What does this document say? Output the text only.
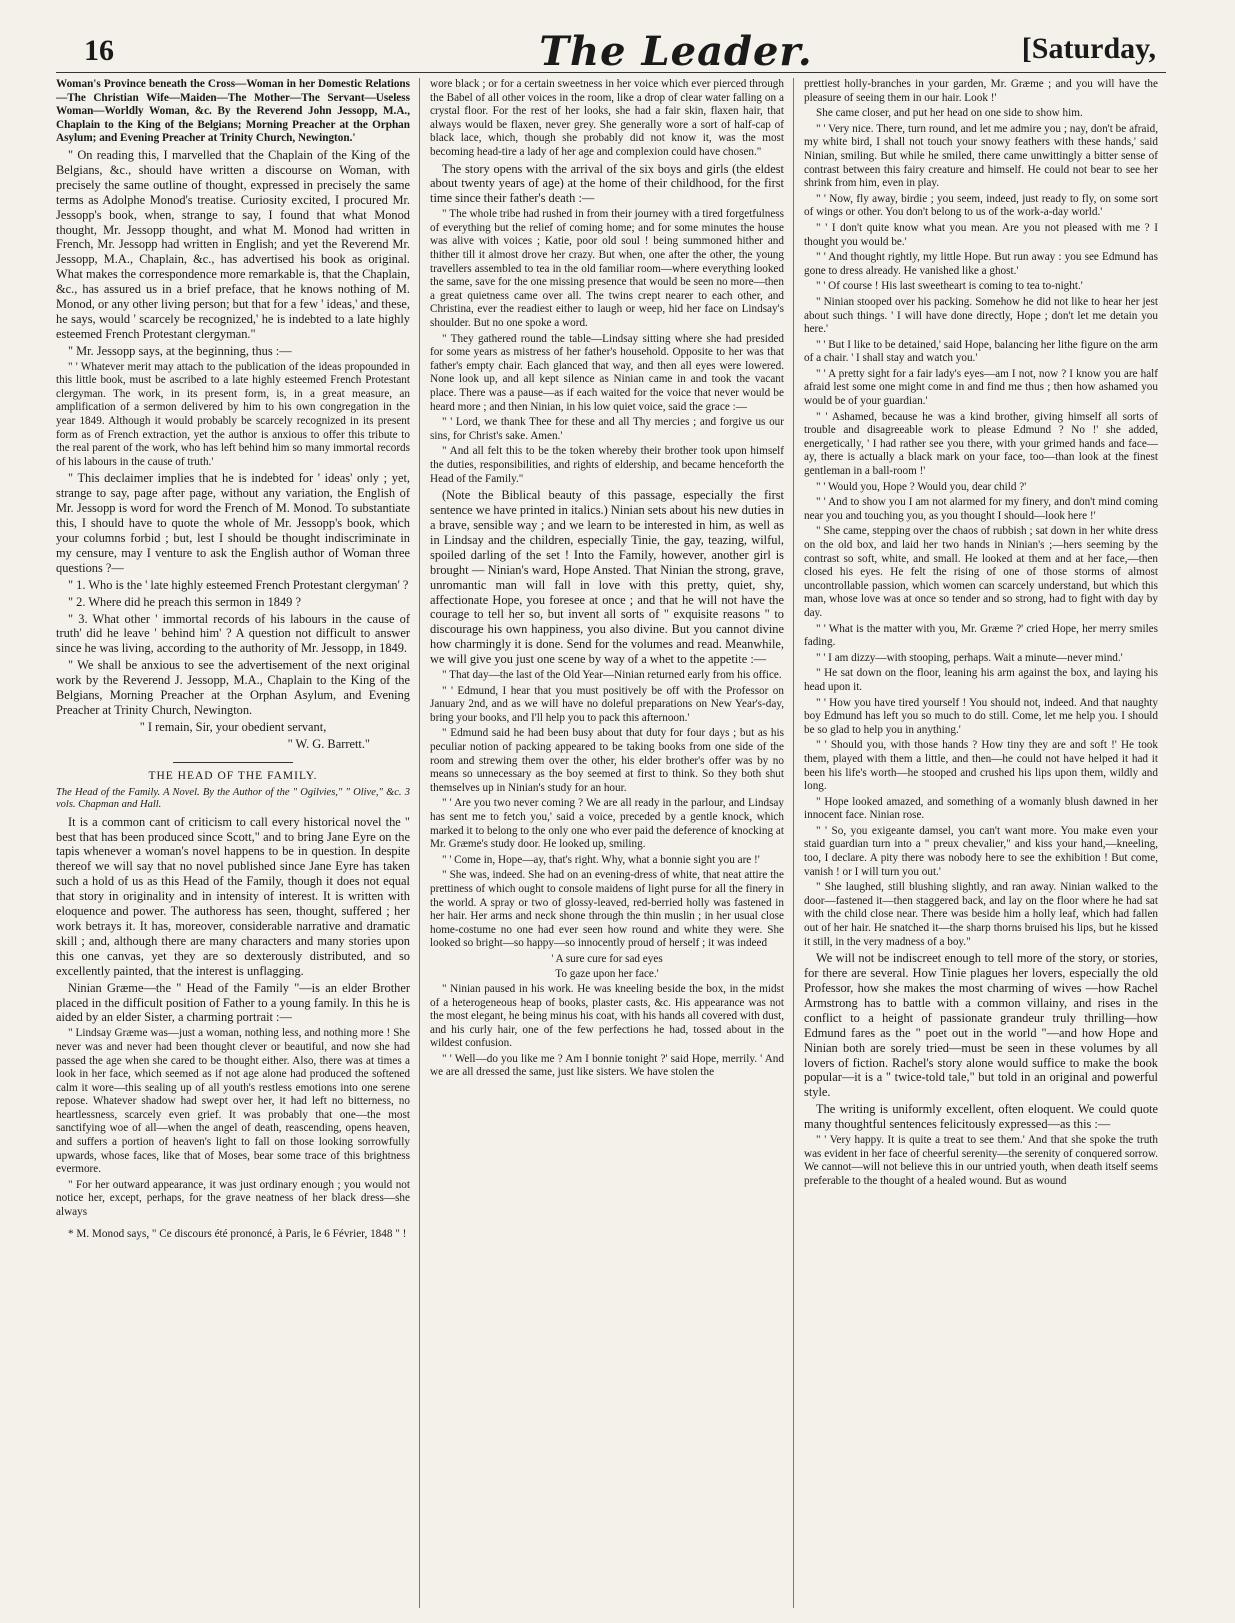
16	The Leader.	[Saturday,

Woman's Province beneath the Cross—Woman in her Domestic Relations—The Christian Wife—Maiden—The Mother—The Servant—Useless Woman—Worldly Woman, &c. By the Reverend John Jessopp, M.A., Chaplain to the King of the Belgians; Morning Preacher at the Orphan Asylum; and Evening Preacher at Trinity Church, Newington.'

" On reading this, I marvelled that the Chaplain of the King of the Belgians, &c., should have written a discourse on Woman, with precisely the same outline of thought, expressed in precisely the same terms as Adolphe Monod's treatise. Curiosity excited, I procured Mr. Jessopp's book, when, strange to say, I found that what Monod thought, Mr. Jessopp thought, and what M. Monod had written in French, Mr. Jessopp had written in English; and yet the Reverend Mr. Jessopp, M.A., Chaplain, &c., has advertised his book as original. What makes the correspondence more remarkable is, that the Chaplain, &c., has assured us in a brief preface, that he knows nothing of M. Monod, or any other living person; but that for a few ' ideas,' and these, he says, would ' scarcely be recognized,' he is indebted to a late highly esteemed French Protestant clergyman."

" Mr. Jessopp says, at the beginning, thus :—

" ' Whatever merit may attach to the publication of the ideas propounded in this little book, must be ascribed to a late highly esteemed French Protestant clergyman. The work, in its present form, is, in a great measure, an amplification of a sermon delivered by him to his own congregation in the year 1849. Although it would probably be scarcely recognized in its present form as of French extraction, yet the author is anxious to offer this tribute to the real parent of the work, who has left behind him so many immortal records of his labours in the cause of truth.'

" This declaimer implies that he is indebted for ' ideas' only ; yet, strange to say, page after page, without any variation, the English of Mr. Jessopp is word for word the French of M. Monod. To substantiate this, I should have to quote the whole of Mr. Jessopp's book, which your columns forbid ; but, lest I should be thought indiscriminate in my censure, may I venture to ask the English author of Woman three questions ?—

" 1. Who is the ' late highly esteemed French Protestant clergyman' ?

" 2. Where did he preach this sermon in 1849 ?

" 3. What other ' immortal records of his labours in the cause of truth' did he leave ' behind him' ? A question not difficult to answer since he was living, according to the authority of Mr. Jessopp, in 1849.

" We shall be anxious to see the advertisement of the next original work by the Reverend J. Jessopp, M.A., Chaplain to the King of the Belgians, Morning Preacher at the Orphan Asylum, and Evening Preacher at Trinity Church, Newington.

" I remain, Sir, your obedient servant,

" W. G. Barrett."

THE HEAD OF THE FAMILY.

The Head of the Family. A Novel. By the Author of the " Ogilvies," " Olive," &c. 3 vols. Chapman and Hall.

It is a common cant of criticism to call every historical novel the " best that has been produced since Scott," and to bring Jane Eyre on the tapis whenever a woman's novel happens to be in question. In despite thereof we will say that no novel published since Jane Eyre has taken such a hold of us as this Head of the Family, though it does not equal that story in originality and in intensity of interest. It is written with eloquence and power. The authoress has seen, thought, suffered ; her work betrays it. It has, moreover, considerable narrative and dramatic skill ; and, although there are many characters and many stories upon this one canvas, yet they are so dexterously distributed, and so excellently painted, that the interest is unflagging.

Ninian Græme—the " Head of the Family "—is an elder Brother placed in the difficult position of Father to a young family. In this he is aided by an elder Sister, a charming portrait :—

" Lindsay Græme was—just a woman, nothing less, and nothing more ! She never was and never had been thought clever or beautiful, and now she had passed the age when she cared to be thought either. Also, there was at times a look in her face, which seemed as if not age alone had produced the softened calm it wore—this sealing up of all youth's restless emotions into one serene repose. Whatever shadow had swept over her, it had left no bitterness, no heartlessness, scarcely even grief. It was probably that one—the most sanctifying woe of all—when the angel of death, reascending, opens heaven, and suffers a portion of heaven's light to fall on those looking sorrowfully upwards, whose faces, like that of Moses, bear some trace of this brightness evermore.

" For her outward appearance, it was just ordinary enough ; you would not notice her, except, perhaps, for the grave neatness of her black dress—she always

* M. Monod says, " Ce discours été prononcé, à Paris, le 6 Février, 1848 " !

wore black ; or for a certain sweetness in her voice which ever pierced through the Babel of all other voices in the room, like a drop of clear water falling on a crystal floor. For the rest of her looks, she had a fair skin, flaxen hair, that always would be flaxen, never grey. She generally wore a sort of half-cap of black lace, which, though she probably did not know it, was the most becoming head-tire a lady of her age and complexion could have chosen."

The story opens with the arrival of the six boys and girls (the eldest about twenty years of age) at the home of their childhood, for the first time since their father's death :—

" The whole tribe had rushed in from their journey with a tired forgetfulness of everything but the relief of coming home; and for some minutes the house was alive with voices ; Katie, poor old soul ! being summoned hither and thither till it almost drove her crazy. But when, one after the other, the young travellers assembled to tea in the old familiar room—where everything looked the same, save for the one missing presence that would be seen no more—then a great quietness came over all. The twins crept nearer to each other, and Christina, ever the readiest either to laugh or weep, hid her face on Lindsay's shoulder. But no one spoke a word.

" They gathered round the table—Lindsay sitting where she had presided for some years as mistress of her father's household. Opposite to her was that father's empty chair. Each glanced that way, and then all eyes were lowered. None look up, and all kept silence as Ninian came in and took the vacant place. There was a pause—as if each waited for the voice that never would be heard more ; and then Ninian, in his low quiet voice, said the grace :—

" ' Lord, we thank Thee for these and all Thy mercies ; and forgive us our sins, for Christ's sake. Amen.'

" And all felt this to be the token whereby their brother took upon himself the duties, responsibilities, and rights of eldership, and became henceforth the Head of the Family."

(Note the Biblical beauty of this passage, especially the first sentence we have printed in italics.) Ninian sets about his new duties in a brave, sensible way ; and we learn to be interested in him, as well as in Lindsay and the children, especially Tinie, the gay, teazing, wilful, spoiled darling of the set ! Into the Family, however, another girl is brought — Ninian's ward, Hope Ansted. That Ninian the strong, grave, unromantic man will fall in love with this pretty, quiet, shy, affectionate Hope, you foresee at once ; and that he will not have the courage to tell her so, but invent all sorts of " exquisite reasons " to discourage his own happiness, you also divine. But you cannot divine how charmingly it is done. Send for the volumes and read. Meanwhile, we will give you just one scene by way of a whet to the appetite :—

" That day—the last of the Old Year—Ninian returned early from his office.

" ' Edmund, I hear that you must positively be off with the Professor on January 2nd, and as we will have no doleful preparations on New Year's-day, bring your books, and I'll help you to pack this afternoon.'

" Edmund said he had been busy about that duty for four days ; but as his peculiar notion of packing appeared to be taking books from one side of the room and strewing them over the other, his elder brother's offer was by no means so unnecessary as the boy seemed at first to think. So they both shut themselves up in Ninian's study for an hour.

" ' Are you two never coming ? We are all ready in the parlour, and Lindsay has sent me to fetch you,' said a voice, preceded by a gentle knock, which marked it to belong to the only one who ever paid the deference of knocking at Mr. Græme's study door. He looked up, smiling.

" ' Come in, Hope—ay, that's right. Why, what a bonnie sight you are !'

" She was, indeed. She had on an evening-dress of white, that neat attire the prettiness of which ought to console maidens of light purse for all the finery in the world. A spray or two of glossy-leaved, red-berried holly was fastened in her hair. Her arms and neck shone through the thin muslin ; in her usual close home-costume no one had ever seen how round and white they were. She looked so bright—so happy—so innocently proud of herself ; it was indeed

' A sure cure for sad eyes

To gaze upon her face.'

" Ninian paused in his work. He was kneeling beside the box, in the midst of a heterogeneous heap of books, plaster casts, &c. His appearance was not the most elegant, he being minus his coat, with his hands all covered with dust, and his curly hair, one of the few perfections he had, tossed about in the wildest confusion.

" ' Well—do you like me ? Am I bonnie tonight ?' said Hope, merrily. ' And we are all dressed the same, just like sisters. We have stolen the

prettiest holly-branches in your garden, Mr. Græme ; and you will have the pleasure of seeing them in our hair. Look !'

She came closer, and put her head on one side to show him.

" ' Very nice. There, turn round, and let me admire you ; nay, don't be afraid, my white bird, I shall not touch your snowy feathers with these hands,' said Ninian, smiling. But while he smiled, there came unwittingly a bitter sense of contrast between this fairy creature and himself. He could not bear to see her shrink from him, even in play.

" ' Now, fly away, birdie ; you seem, indeed, just ready to fly, on some sort of wings or other. You don't belong to us of the work-a-day world.'

" ' I don't quite know what you mean. Are you not pleased with me ? I thought you would be.'

" ' And thought rightly, my little Hope. But run away : you see Edmund has gone to dress already. He vanished like a ghost.'

" ' Of course ! His last sweetheart is coming to tea to-night.'

" Ninian stooped over his packing. Somehow he did not like to hear her jest about such things. ' I will have done directly, Hope ; don't let me detain you here.'

" ' But I like to be detained,' said Hope, balancing her lithe figure on the arm of a chair. ' I shall stay and watch you.'

" ' A pretty sight for a fair lady's eyes—am I not, now ? I know you are half afraid lest some one might come in and find me thus ; then how ashamed you would be of your guardian.'

" ' Ashamed, because he was a kind brother, giving himself all sorts of trouble and disagreeable work to please Edmund ? No !' she added, energetically, ' I had rather see you there, with your grimed hands and face—ay, there is actually a black mark on your face, too—than look at the finest gentleman in a ball-room !'

" ' Would you, Hope ? Would you, dear child ?'

" ' And to show you I am not alarmed for my finery, and don't mind coming near you and touching you, as you thought I should—look here !'

" She came, stepping over the chaos of rubbish ; sat down in her white dress on the old box, and laid her two hands in Ninian's ;—hers seeming by the contrast so soft, white, and small. He looked at them and at her face,—then closed his eyes. He felt the rising of one of those storms of almost uncontrollable passion, which women can scarcely understand, but which this man, whose love was at once so tender and so strong, had to fight with day by day.

" ' What is the matter with you, Mr. Græme ?' cried Hope, her merry smiles fading.

" ' I am dizzy—with stooping, perhaps. Wait a minute—never mind.'

" He sat down on the floor, leaning his arm against the box, and laying his head upon it.

" ' How you have tired yourself ! You should not, indeed. And that naughty boy Edmund has left you so much to do still. Come, let me help you. I should be so glad to help you in anything.'

" ' Should you, with those hands ? How tiny they are and soft !' He took them, played with them a little, and then—he could not have helped it had it been his life's worth—he stooped and crushed his lips upon them, wildly and long.

" Hope looked amazed, and something of a womanly blush dawned in her innocent face. Ninian rose.

" ' So, you exigeante damsel, you can't want more. You make even your staid guardian turn into a " preux chevalier," and kiss your hand,—kneeling, too, I declare. A pity there was nobody here to see the exhibition ! But come, vanish ! or I will turn you out.'

" She laughed, still blushing slightly, and ran away. Ninian walked to the door—fastened it—then staggered back, and lay on the floor where he had sat with the child close near. There was beside him a holly leaf, which had fallen out of her hair. He snatched it—the sharp thorns bruised his lips, but he kissed it still, in the very madness of a boy."

We will not be indiscreet enough to tell more of the story, or stories, for there are several. How Tinie plagues her lovers, especially the old Professor, how she makes the most charming of wives —how Rachel Armstrong has to battle with a common villainy, and rises in the conflict to a height of passionate grandeur truly thrilling—how Edmund fares as the " poet out in the world "—and how Hope and Ninian both are sorely tried—must be seen in these volumes by all lovers of fiction. Rachel's story alone would suffice to make the book popular—it is a " twice-told tale," but told in an original and powerful style.

The writing is uniformly excellent, often eloquent. We could quote many thoughtful sentences felicitously expressed—as this :—

" ' Very happy. It is quite a treat to see them.' And that she spoke the truth was evident in her face of cheerful serenity—the serenity of conquered sorrow. We cannot—will not believe this in our untried youth, when death itself seems preferable to the thought of a healed wound. But as wound
